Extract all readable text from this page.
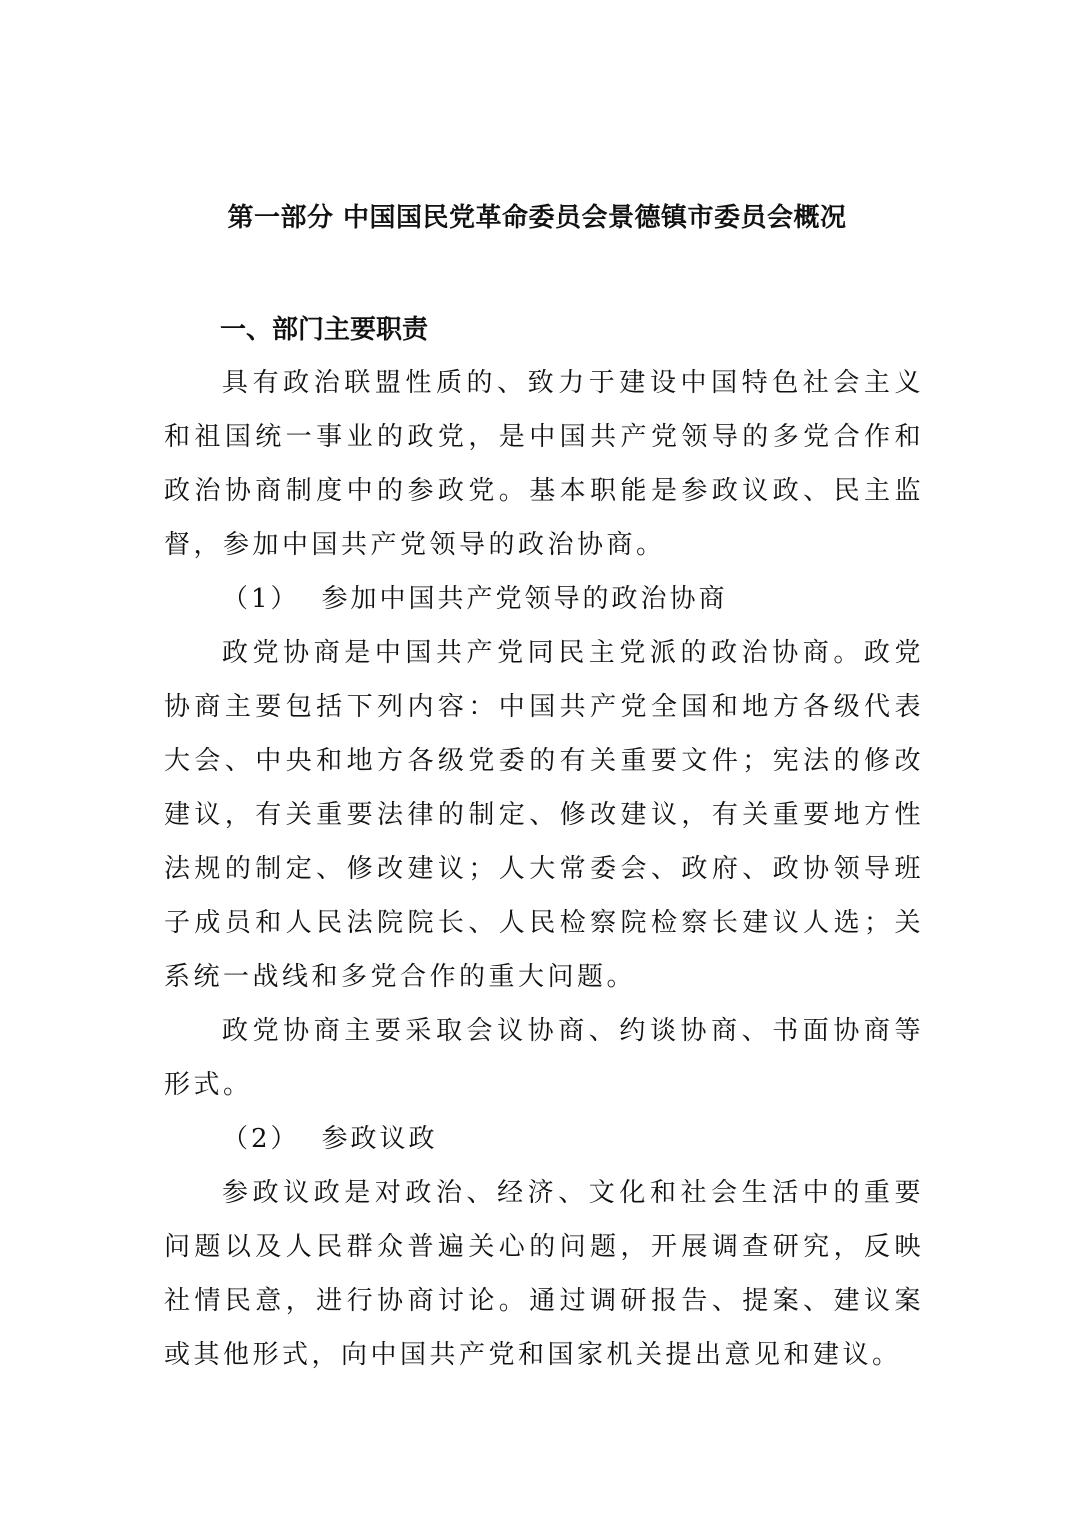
第一部分 中国国民党革命委员会景德镇市委员会概况
一、部门主要职责

具有政治联盟性质的、致力于建设中国特色社会主义和祖国统一事业的政党，是中国共产党领导的多党合作和政治协商制度中的参政党。基本职能是参政议政、民主监督，参加中国共产党领导的政治协商。

（1） 参加中国共产党领导的政治协商

政党协商是中国共产党同民主党派的政治协商。政党协商主要包括下列内容：中国共产党全国和地方各级代表大会、中央和地方各级党委的有关重要文件；宪法的修改建议，有关重要法律的制定、修改建议，有关重要地方性法规的制定、修改建议；人大常委会、政府、政协领导班子成员和人民法院院长、人民检察院检察长建议人选；关系统一战线和多党合作的重大问题。

政党协商主要采取会议协商、约谈协商、书面协商等形式。

（2） 参政议政

参政议政是对政治、经济、文化和社会生活中的重要问题以及人民群众普遍关心的问题，开展调查研究，反映社情民意，进行协商讨论。通过调研报告、提案、建议案或其他形式，向中国共产党和国家机关提出意见和建议。
